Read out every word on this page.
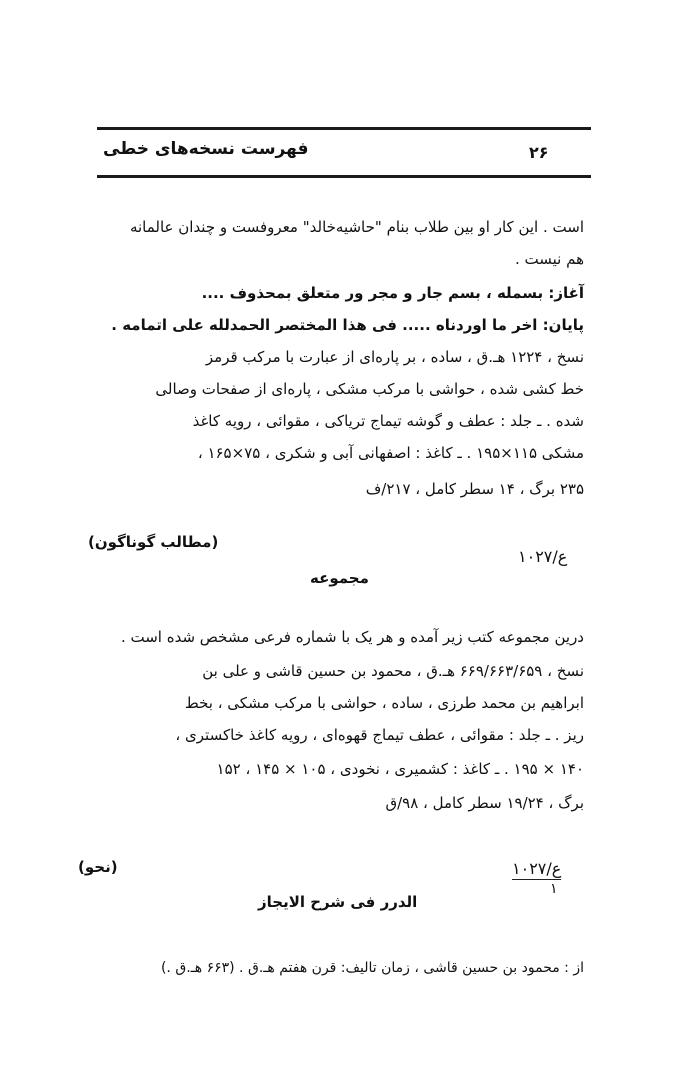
فهرست نسخه‌های خطی	۲۶
است . این کار او بین طلاب بنام "حاشیه‌خالد" معروفست و چندان عالمانه
هم نیست .
آغاز: بسمله ، بسم جار و مجر ور متعلق بمحذوف ....
پایان: اخر ما اوردناه ..... فی هذا المختصر الحمدلله علی اتمامه .
نسخ ، ۱۲۲۴ هـ.ق ، ساده ، بر پاره‌ای از عبارت با مرکب قرمز
خط کشی شده ، حواشی با مرکب مشکی ، پاره‌ای از صفحات وصالی
شده . ـ جلد : عطف و گوشه تیماج تریاکی ، مقوائی ، رویه کاغذ
مشکی ۱۱۵×۱۹۵ . ـ کاغذ : اصفهانی آبی و شکری ، ۷۵×۱۶۵ ،
۲۳۵ برگ ، ۱۴ سطر کامل ، ۲۱۷/ف
(مطالب گوناگون)
ع/۱۰۲۷
مجموعه
درین مجموعه کتب زیر آمده و هر یک با شماره فرعی مشخص شده است .
نسخ ، ۶۶۹/۶۶۳/۶۵۹ هـ.ق ، محمود بن حسین قاشی و علی بن
ابراهیم بن محمد طرزی ، ساده ، حواشی با مرکب مشکی ، بخط
ریز . ـ جلد : مقوائی ، عطف تیماج قهوه‌ای ، رویه کاغذ خاکستری ،
۱۴۰ × ۱۹۵ . ـ کاغذ : کشمیری ، نخودی ، ۱۰۵ × ۱۴۵ ، ۱۵۲
برگ ، ۱۹/۲۴ سطر کامل ، ۹۸/ق
(نحو)	ع/۱۰۲۷
۱
الدرر فی شرح الایجاز
از : محمود بن حسین قاشی ، زمان تالیف: قرن هفتم هـ.ق . (۶۶۳ هـ.ق .)
